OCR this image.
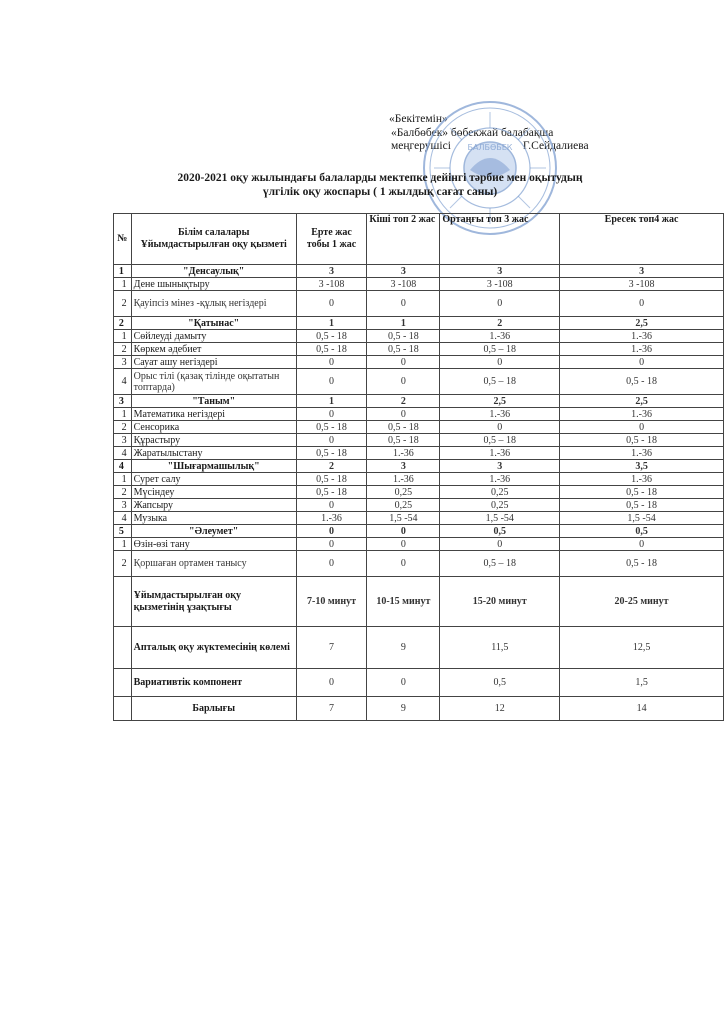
«Бекітемін»
«Балбөбек» бөбекжай балабақша
меңгерушісі	Г.Сейдалиева
БАЛБӨБЕК
2020-2021 оқу жылындағы балаларды мектепке дейінгі тәрбие мен оқытудың
үлгілік оқу жоспары ( 1 жылдық сағат саны)
№	Білім салалары Ұйымдастырылған оқу қызметі	Ерте жас тобы 1 жас	Кіші топ 2 жас	Ортаңғы топ 3 жас	Ересек топ4 жас
1	"Денсаулық"	3	3	3	3
1	Дене шынықтыру	3 -108	3 -108	3 -108	3 -108
2	Қауіпсіз мінез -құлық негіздері	0	0	0	0
2	"Қатынас"	1	1	2	2,5
1	Сөйлеуді дамыту	0,5 - 18	0,5 - 18	1.-36	1.-36
2	Көркем әдебиет	0,5 - 18	0,5 - 18	0,5 – 18	1.-36
3	Сауат ашу негіздері	0	0	0	0
4	Орыс тілі (қазақ тілінде оқытатын топтарда)	0	0	0,5 – 18	0,5 - 18
3	"Таным"	1	2	2,5	2,5
1	Математика негіздері	0	0	1.-36	1.-36
2	Сенсорика	0,5 - 18	0,5 - 18	0	0
3	Құрастыру	0	0,5 - 18	0,5 – 18	0,5 - 18
4	Жаратылыстану	0,5 - 18	1.-36	1.-36	1.-36
4	"Шығармашылық"	2	3	3	3,5
1	Сурет салу	0,5 - 18	1.-36	1.-36	1.-36
2	Мүсіндеу	0,5 - 18	0,25	0,25	0,5 - 18
3	Жапсыру	0	0,25	0,25	0,5 - 18
4	Музыка	1.-36	1,5 -54	1,5 -54	1,5 -54
5	"Әлеумет"	0	0	0,5	0,5
1	Өзін-өзі тану	0	0	0	0
2	Қоршаған ортамен танысу	0	0	0,5 – 18	0,5 - 18
	Ұйымдастырылған оқу қызметінің ұзақтығы	7-10 минут	10-15 минут	15-20 минут	20-25 минут
	Апталық оқу жүктемесінің көлемі	7	9	11,5	12,5
	Вариативтік компонент	0	0	0,5	1,5
	Барлығы	7	9	12	14
